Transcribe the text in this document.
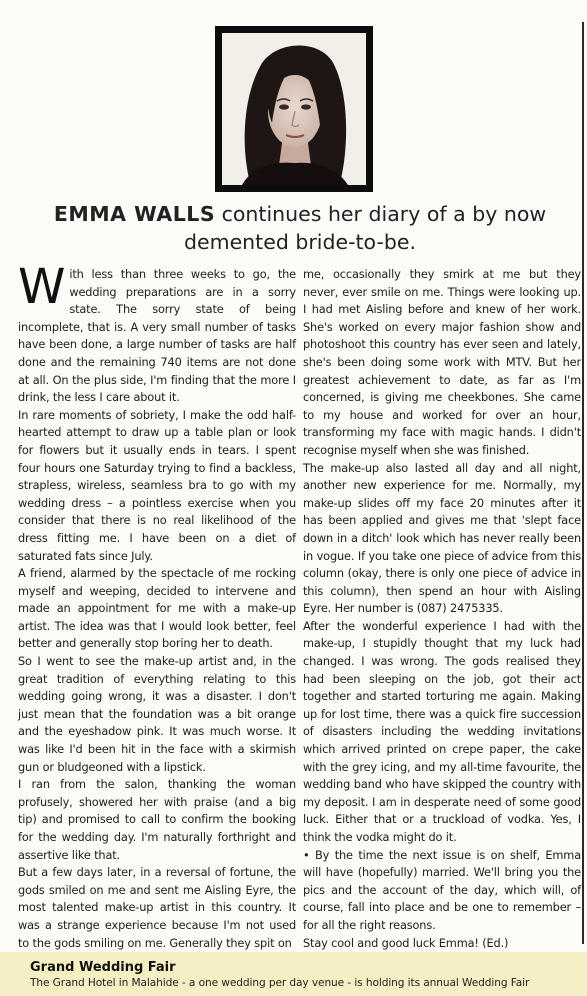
EMMA WALLS continues her diary of a by now demented bride-to-be.

With less than three weeks to go, the wedding preparations are in a sorry state. The sorry state of being incomplete, that is. A very small number of tasks have been done, a large number of tasks are half done and the remaining 740 items are not done at all. On the plus side, I'm finding that the more I drink, the less I care about it.

In rare moments of sobriety, I make the odd half-hearted attempt to draw up a table plan or look for flowers but it usually ends in tears. I spent four hours one Saturday trying to find a backless, strapless, wireless, seamless bra to go with my wedding dress – a pointless exercise when you consider that there is no real likelihood of the dress fitting me. I have been on a diet of saturated fats since July.

A friend, alarmed by the spectacle of me rocking myself and weeping, decided to intervene and made an appointment for me with a make-up artist. The idea was that I would look better, feel better and generally stop boring her to death.

So I went to see the make-up artist and, in the great tradition of everything relating to this wedding going wrong, it was a disaster. I don't just mean that the foundation was a bit orange and the eyeshadow pink. It was much worse. It was like I'd been hit in the face with a skirmish gun or bludgeoned with a lipstick.

I ran from the salon, thanking the woman profusely, showered her with praise (and a big tip) and promised to call to confirm the booking for the wedding day. I'm naturally forthright and assertive like that.

But a few days later, in a reversal of fortune, the gods smiled on me and sent me Aisling Eyre, the most talented make-up artist in this country. It was a strange experience because I'm not used to the gods smiling on me. Generally they spit on

me, occasionally they smirk at me but they never, ever smile on me. Things were looking up. I had met Aisling before and knew of her work. She's worked on every major fashion show and photoshoot this country has ever seen and lately, she's been doing some work with MTV. But her greatest achievement to date, as far as I'm concerned, is giving me cheekbones. She came to my house and worked for over an hour, transforming my face with magic hands. I didn't recognise myself when she was finished.

The make-up also lasted all day and all night, another new experience for me. Normally, my make-up slides off my face 20 minutes after it has been applied and gives me that 'slept face down in a ditch' look which has never really been in vogue. If you take one piece of advice from this column (okay, there is only one piece of advice in this column), then spend an hour with Aisling Eyre. Her number is (087) 2475335.

After the wonderful experience I had with the make-up, I stupidly thought that my luck had changed. I was wrong. The gods realised they had been sleeping on the job, got their act together and started torturing me again. Making up for lost time, there was a quick fire succession of disasters including the wedding invitations which arrived printed on crepe paper, the cake with the grey icing, and my all-time favourite, the wedding band who have skipped the country with my deposit. I am in desperate need of some good luck. Either that or a truckload of vodka. Yes, I think the vodka might do it.

• By the time the next issue is on shelf, Emma will have (hopefully) married. We'll bring you the pics and the account of the day, which will, of course, fall into place and be one to remember – for all the right reasons.

Stay cool and good luck Emma! (Ed.)

Grand Wedding Fair
The Grand Hotel in Malahide - a one wedding per day venue - is holding its annual Wedding Fair
